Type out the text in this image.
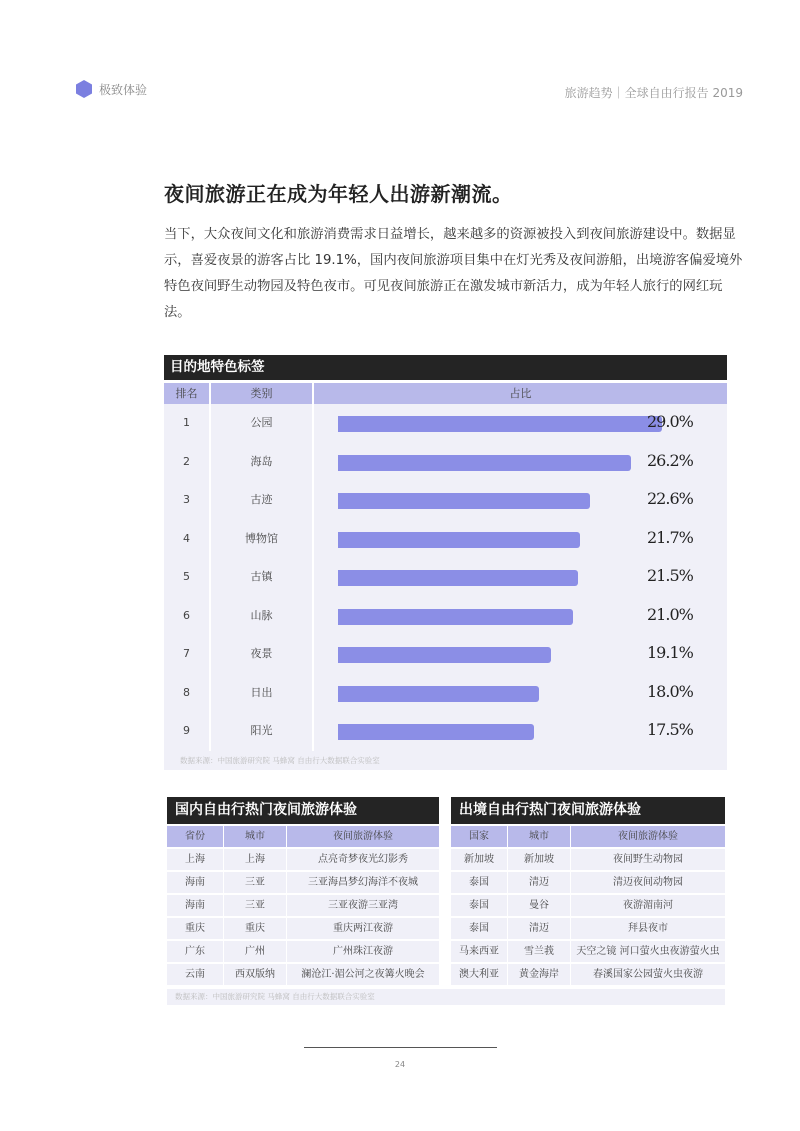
极致体验	旅游趋势｜全球自由行报告 2019
夜间旅游正在成为年轻人出游新潮流。

当下，大众夜间文化和旅游消费需求日益增长，越来越多的资源被投入到夜间旅游建设中。数据显示，喜爱夜景的游客占比 19.1%，国内夜间旅游项目集中在灯光秀及夜间游船，出境游客偏爱境外特色夜间野生动物园及特色夜市。可见夜间旅游正在激发城市新活力，成为年轻人旅行的网红玩法。

目的地特色标签
排名	类别	占比
1	公园	29.0%
2	海岛	26.2%
3	古迹	22.6%
4	博物馆	21.7%
5	古镇	21.5%
6	山脉	21.0%
7	夜景	19.1%
8	日出	18.0%
9	阳光	17.5%
数据来源：中国旅游研究院 马蜂窝 自由行大数据联合实验室
国内自由行热门夜间旅游体验
省份	城市	夜间旅游体验
上海	上海	点亮奇梦夜光幻影秀
海南	三亚	三亚海昌梦幻海洋不夜城
海南	三亚	三亚夜游三亚湾
重庆	重庆	重庆两江夜游
广东	广州	广州珠江夜游
云南	西双版纳	澜沧江·湄公河之夜篝火晚会
出境自由行热门夜间旅游体验
国家	城市	夜间旅游体验
新加坡	新加坡	夜间野生动物园
泰国	清迈	清迈夜间动物园
泰国	曼谷	夜游湄南河
泰国	清迈	拜县夜市
马来西亚	雪兰莪	天空之镜 河口萤火虫夜游萤火虫
澳大利亚	黄金海岸	春溪国家公园萤火虫夜游
数据来源：中国旅游研究院 马蜂窝 自由行大数据联合实验室
24
